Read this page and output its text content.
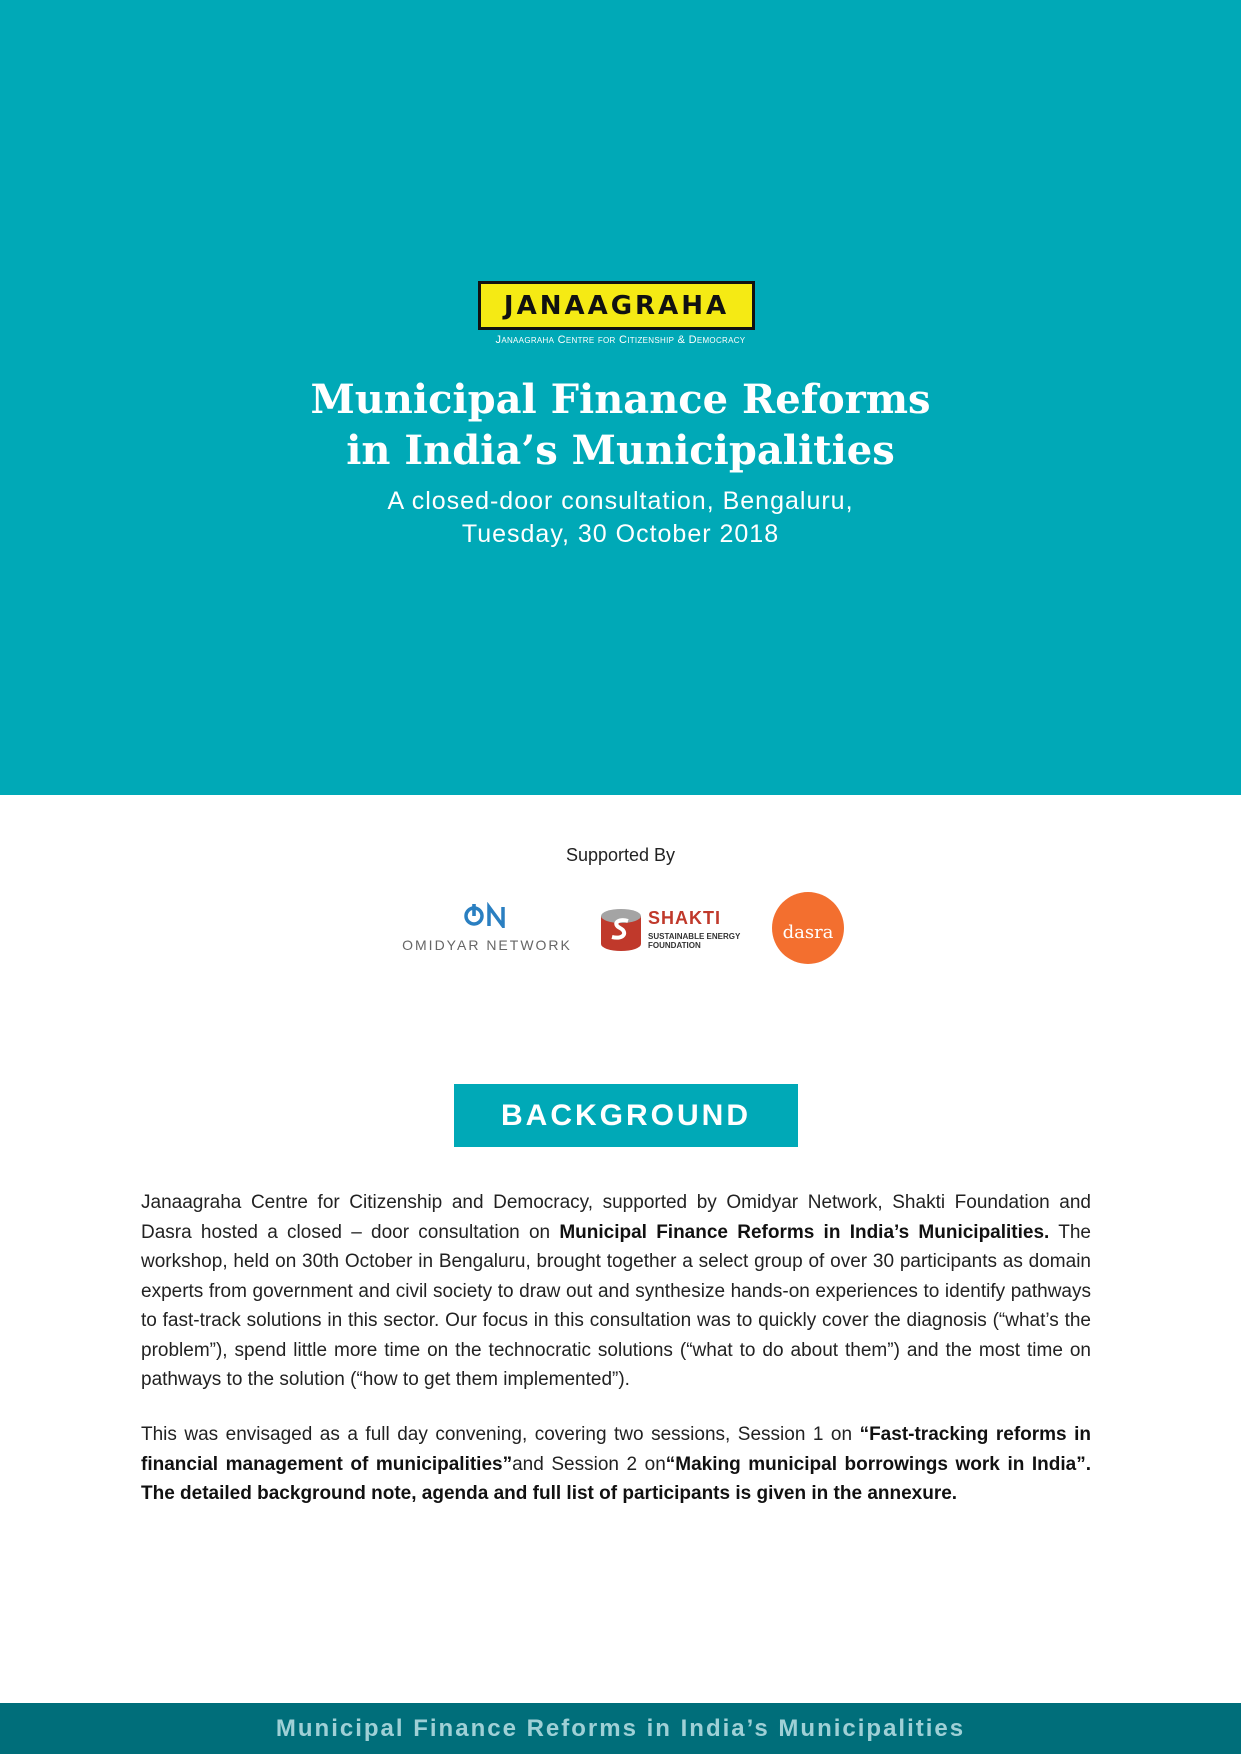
JANAAGRAHA
Janaagraha Centre for Citizenship & Democracy
Municipal Finance Reforms
in India’s Municipalities
A closed-door consultation, Bengaluru,
Tuesday, 30 October 2018
Supported By
OMIDYAR NETWORK
SHAKTI
SUSTAINABLE ENERGY
FOUNDATION
dasra
BACKGROUND

Janaagraha Centre for Citizenship and Democracy, supported by Omidyar Network, Shakti Foundation and Dasra hosted a closed – door consultation on Municipal Finance Reforms in India’s Municipalities. The workshop, held on 30th October in Bengaluru, brought together a select group of over 30 participants as domain experts from government and civil society to draw out and synthesize hands-on experiences to identify pathways to fast-track solutions in this sector. Our focus in this consultation was to quickly cover the diagnosis (“what’s the problem”), spend little more time on the technocratic solutions (“what to do about them”) and the most time on pathways to the solution (“how to get them implemented”).

This was envisaged as a full day convening, covering two sessions, Session 1 on “Fast-tracking reforms in financial management of municipalities”and Session 2 on“Making municipal borrowings work in India”. The detailed background note, agenda and full list of participants is given in the annexure.

Municipal Finance Reforms in India’s Municipalities
